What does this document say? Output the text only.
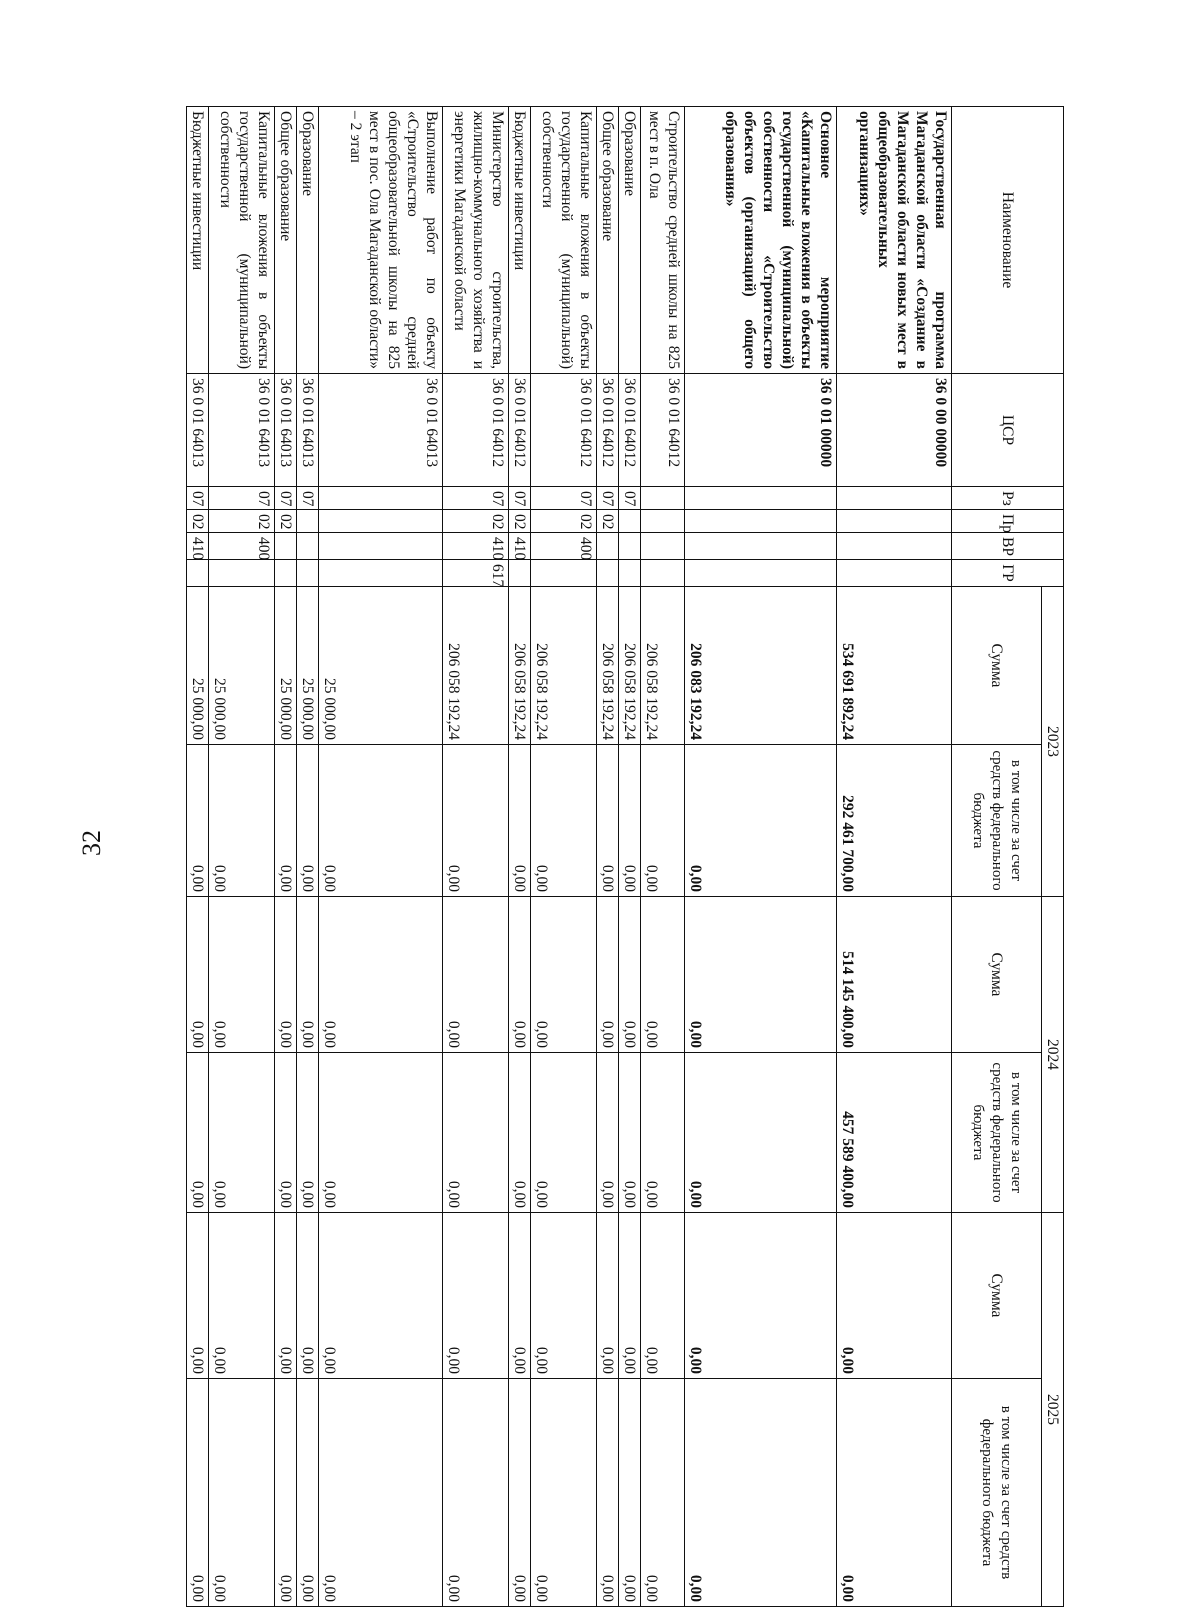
32
Наименование	ЦСР	Рз	Пр	ВР	ГР	2023		2024		2025	
						Сумма	в том числе за счет средств федерального бюджета	Сумма	в том числе за счет средств федерального бюджета	Сумма	в том числе за счет средств федерального бюджета

Государственная программа Магаданской области «Создание в Магаданской области новых мест в общеобразовательных организациях»	36 0 00 00000					534 691 892,24	292 461 700,00	514 145 400,00	457 589 400,00	0,00	0,00
Основное мероприятие «Капитальные вложения в объекты государственной (муниципальной) собственности «Строительство объектов (организаций) общего образования»	36 0 01 00000					206 083 192,24	0,00	0,00	0,00	0,00	0,00
Строительство средней школы на 825 мест в п. Ола	36 0 01 64012					206 058 192,24	0,00	0,00	0,00	0,00	0,00
Образование	36 0 01 64012	07				206 058 192,24	0,00	0,00	0,00	0,00	0,00
Общее образование	36 0 01 64012	07	02			206 058 192,24	0,00	0,00	0,00	0,00	0,00
Капитальные вложения в объекты государственной (муниципальной) собственности	36 0 01 64012	07	02	400		206 058 192,24	0,00	0,00	0,00	0,00	0,00
Бюджетные инвестиции	36 0 01 64012	07	02	410		206 058 192,24	0,00	0,00	0,00	0,00	0,00
Министерство строительства, жилищно-коммунального хозяйства и энергетики Магаданской области	36 0 01 64012	07	02	410	617	206 058 192,24	0,00	0,00	0,00	0,00	0,00
Выполнение работ по объекту «Строительство средней общеобразовательной школы на 825 мест в пос. Ола Магаданской области» – 2 этап	36 0 01 64013					25 000,00	0,00	0,00	0,00	0,00	0,00
Образование	36 0 01 64013	07				25 000,00	0,00	0,00	0,00	0,00	0,00
Общее образование	36 0 01 64013	07	02			25 000,00	0,00	0,00	0,00	0,00	0,00
Капитальные вложения в объекты государственной (муниципальной) собственности	36 0 01 64013	07	02	400		25 000,00	0,00	0,00	0,00	0,00	0,00
Бюджетные инвестиции	36 0 01 64013	07	02	410		25 000,00	0,00	0,00	0,00	0,00	0,00
